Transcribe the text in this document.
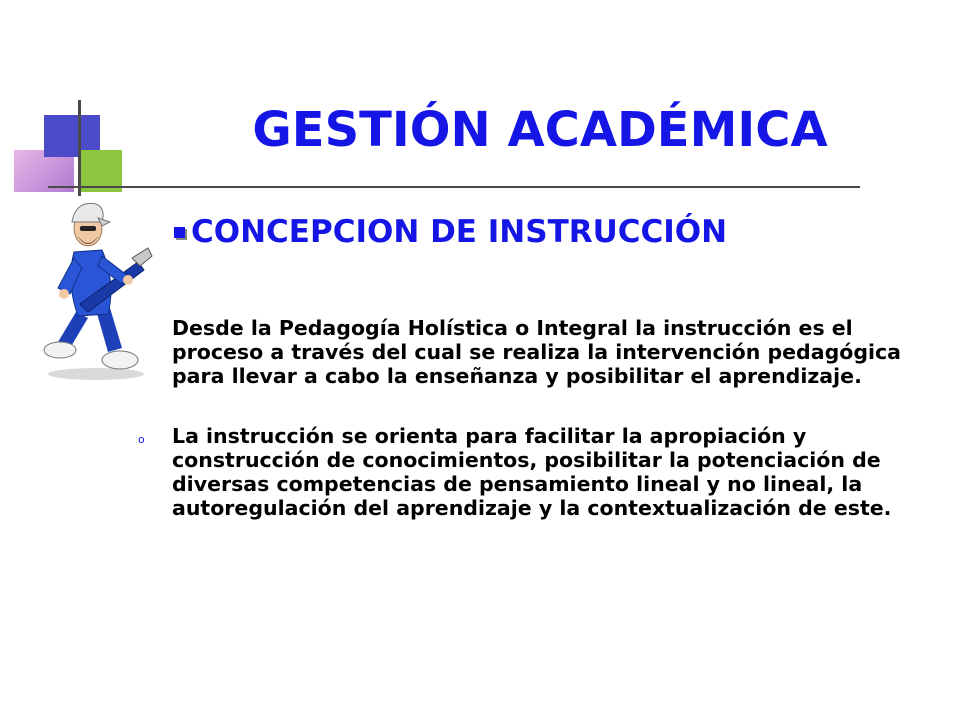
GESTIÓN ACADÉMICA
CONCEPCION DE INSTRUCCIÓN

Desde la Pedagogía Holística o Integral la instrucción es el proceso a través del cual se realiza la intervención pedagógica para llevar a cabo la enseñanza y posibilitar el aprendizaje.

o La instrucción se orienta para facilitar la apropiación y construcción de conocimientos, posibilitar la potenciación de diversas competencias de pensamiento lineal y no lineal, la autoregulación del aprendizaje y la contextualización de este.
